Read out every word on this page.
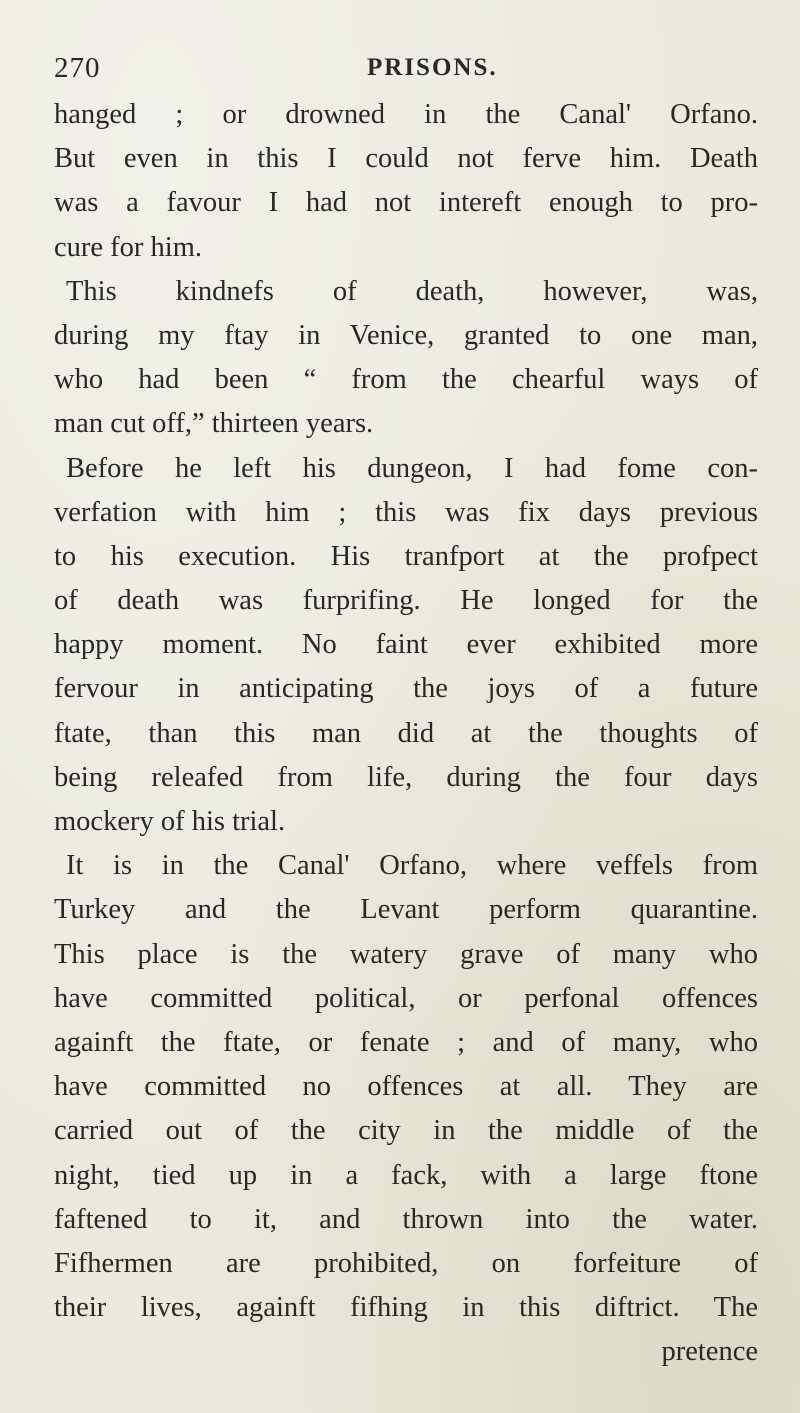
270	PRISONS.
hanged ; or drowned in the Canal' Orfano.
But even in this I could not ferve him. Death
was a favour I had not intereft enough to pro-
cure for him.
This kindnefs of death, however, was,
during my ftay in Venice, granted to one man,
who had been “ from the chearful ways of
man cut off,” thirteen years.
Before he left his dungeon, I had fome con-
verfation with him ; this was fix days previous
to his execution. His tranfport at the profpect
of death was furprifing. He longed for the
happy moment. No faint ever exhibited more
fervour in anticipating the joys of a future
ftate, than this man did at the thoughts of
being releafed from life, during the four days
mockery of his trial.
It is in the Canal' Orfano, where veffels from
Turkey and the Levant perform quarantine.
This place is the watery grave of many who
have committed political, or perfonal offences
againft the ftate, or fenate ; and of many, who
have committed no offences at all. They are
carried out of the city in the middle of the
night, tied up in a fack, with a large ftone
faftened to it, and thrown into the water.
Fifhermen are prohibited, on forfeiture of
their lives, againft fifhing in this diftrict. The
pretence
